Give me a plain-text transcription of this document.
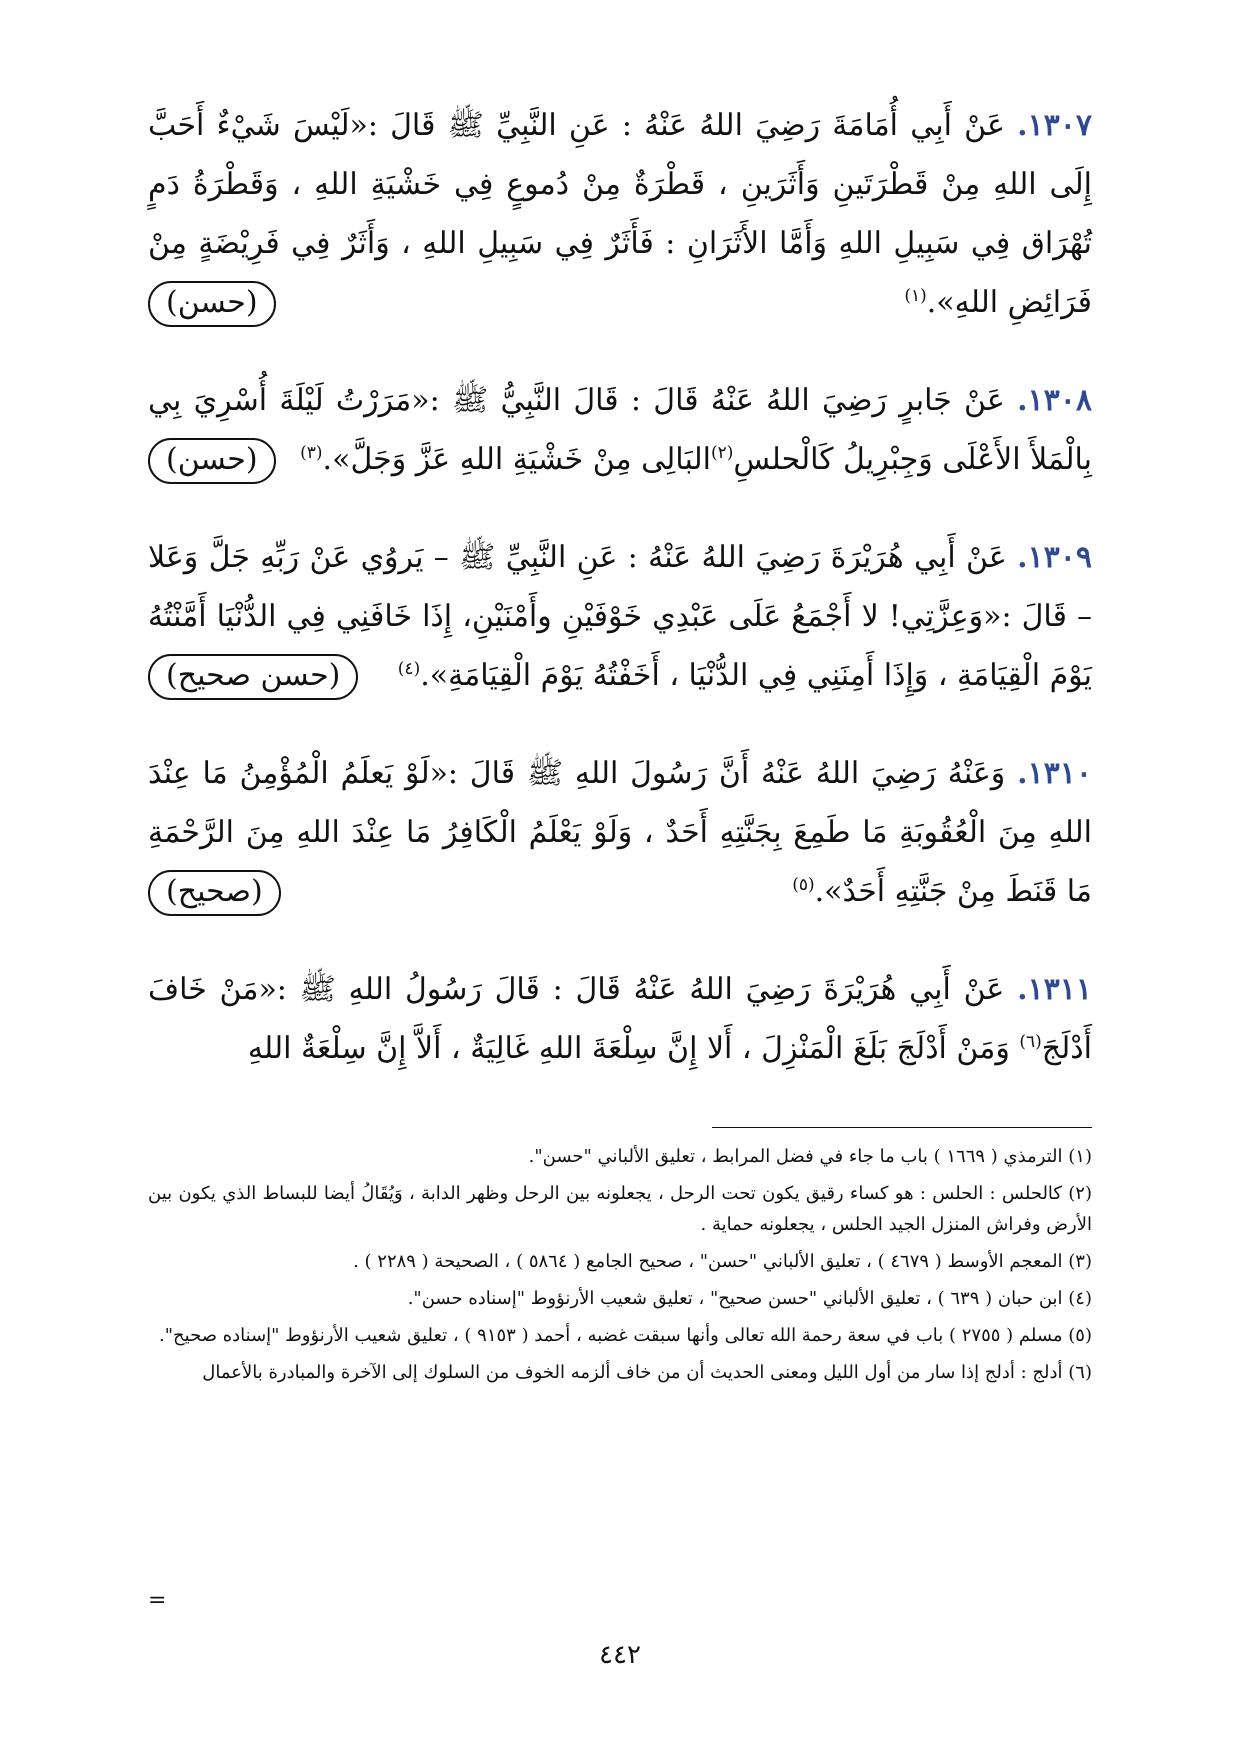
١٣٠٧. عَنْ أَبِي أُمَامَةَ رَضِيَ اللهُ عَنْهُ : عَنِ النَّبِيِّ ﷺ قَالَ :«لَيْسَ شَيْءٌ أَحَبَّ إِلَى اللهِ مِنْ قَطْرَتَينِ وَأَثَرَينِ ، قَطْرَةٌ مِنْ دُموعٍ فِي خَشْيَةِ اللهِ ، وَقَطْرَةُ دَمٍ تُهْرَاق فِي سَبِيلِ اللهِ وَأَمَّا الأَثَرَانِ : فَأَثَرٌ فِي سَبِيلِ اللهِ ، وَأَثَرٌ فِي فَرِيْضَةٍ مِنْ فَرَائِضِ اللهِ».$^{(١)}$
(حسن)

١٣٠٨. عَنْ جَابرٍ رَضِيَ اللهُ عَنْهُ قَالَ : قَالَ النَّبِيُّ ﷺ :«مَرَرْتُ لَيْلَةَ أُسْرِيَ بِي بِالْمَلأَ الأَعْلَى وَجِبْرِيلُ كَالْحلسِ$^{(٢)}$البَالِى مِنْ خَشْيَةِ اللهِ عَزَّ وَجَلَّ».$^{(٣)}$
(حسن)

١٣٠٩. عَنْ أَبِي هُرَيْرَةَ رَضِيَ اللهُ عَنْهُ : عَنِ النَّبِيِّ ﷺ – يَروُي عَنْ رَبِّهِ جَلَّ وَعَلا – قَالَ :«وَعِزَّتِي! لا أَجْمَعُ عَلَى عَبْدِي خَوْفَيْنِ وأَمْنَيْنِ، إِذَا خَافَنِي فِي الدُّنْيَا أَمَّنْتُهُ يَوْمَ الْقِيَامَةِ ، وَإِذَا أَمِنَنِي فِي الدُّنْيَا ، أَخَفْتُهُ يَوْمَ الْقِيَامَةِ».$^{(٤)}$
(حسن صحيح)

١٣١٠. وَعَنْهُ رَضِيَ اللهُ عَنْهُ أَنَّ رَسُولَ اللهِ ﷺ قَالَ :«لَوْ يَعلَمُ الْمُؤْمِنُ مَا عِنْدَ اللهِ مِنَ الْعُقُوبَةِ مَا طَمِعَ بِجَنَّتِهِ أَحَدٌ ، وَلَوْ يَعْلَمُ الْكَافِرُ مَا عِنْدَ اللهِ مِنَ الرَّحْمَةِ مَا قَنَطَ مِنْ جَنَّتِهِ أَحَدٌ».$^{(٥)}$
(صحيح)

١٣١١. عَنْ أَبِي هُرَيْرَةَ رَضِيَ اللهُ عَنْهُ قَالَ : قَالَ رَسُولُ اللهِ ﷺ :«مَنْ خَافَ أَدْلَجَ$^{(٦)}$ وَمَنْ أَدْلَجَ بَلَغَ الْمَنْزِلَ ، أَلا إِنَّ سِلْعَةَ اللهِ غَالِيَةٌ ، أَلاَّ إِنَّ سِلْعَةٌ اللهِ

(١) الترمذي ( ١٦٦٩ ) باب ما جاء في فضل المرابط ، تعليق الألباني "حسن".
(٢) كالحلس : الحلس : هو كساء رقيق يكون تحت الرحل ، يجعلونه بين الرحل وظهر الدابة ، وَيُقَالُ أيضا للبساط الذي يكون بين الأرض وفراش المنزل الجيد الحلس ، يجعلونه حماية .
(٣) المعجم الأوسط ( ٤٦٧٩ ) ، تعليق الألباني "حسن" ، صحيح الجامع ( ٥٨٦٤ ) ، الصحيحة ( ٢٢٨٩ ) .
(٤) ابن حبان ( ٦٣٩ ) ، تعليق الألباني "حسن صحيح" ، تعليق شعيب الأرنؤوط "إسناده حسن".
(٥) مسلم ( ٢٧٥٥ ) باب في سعة رحمة الله تعالى وأنها سبقت غضبه ، أحمد ( ٩١٥٣ ) ، تعليق شعيب الأرنؤوط "إسناده صحيح".
(٦) أدلج : أدلج إذا سار من أول الليل ومعنى الحديث أن من خاف ألزمه الخوف من السلوك إلى الآخرة والمبادرة بالأعمال
=
٤٤٢
